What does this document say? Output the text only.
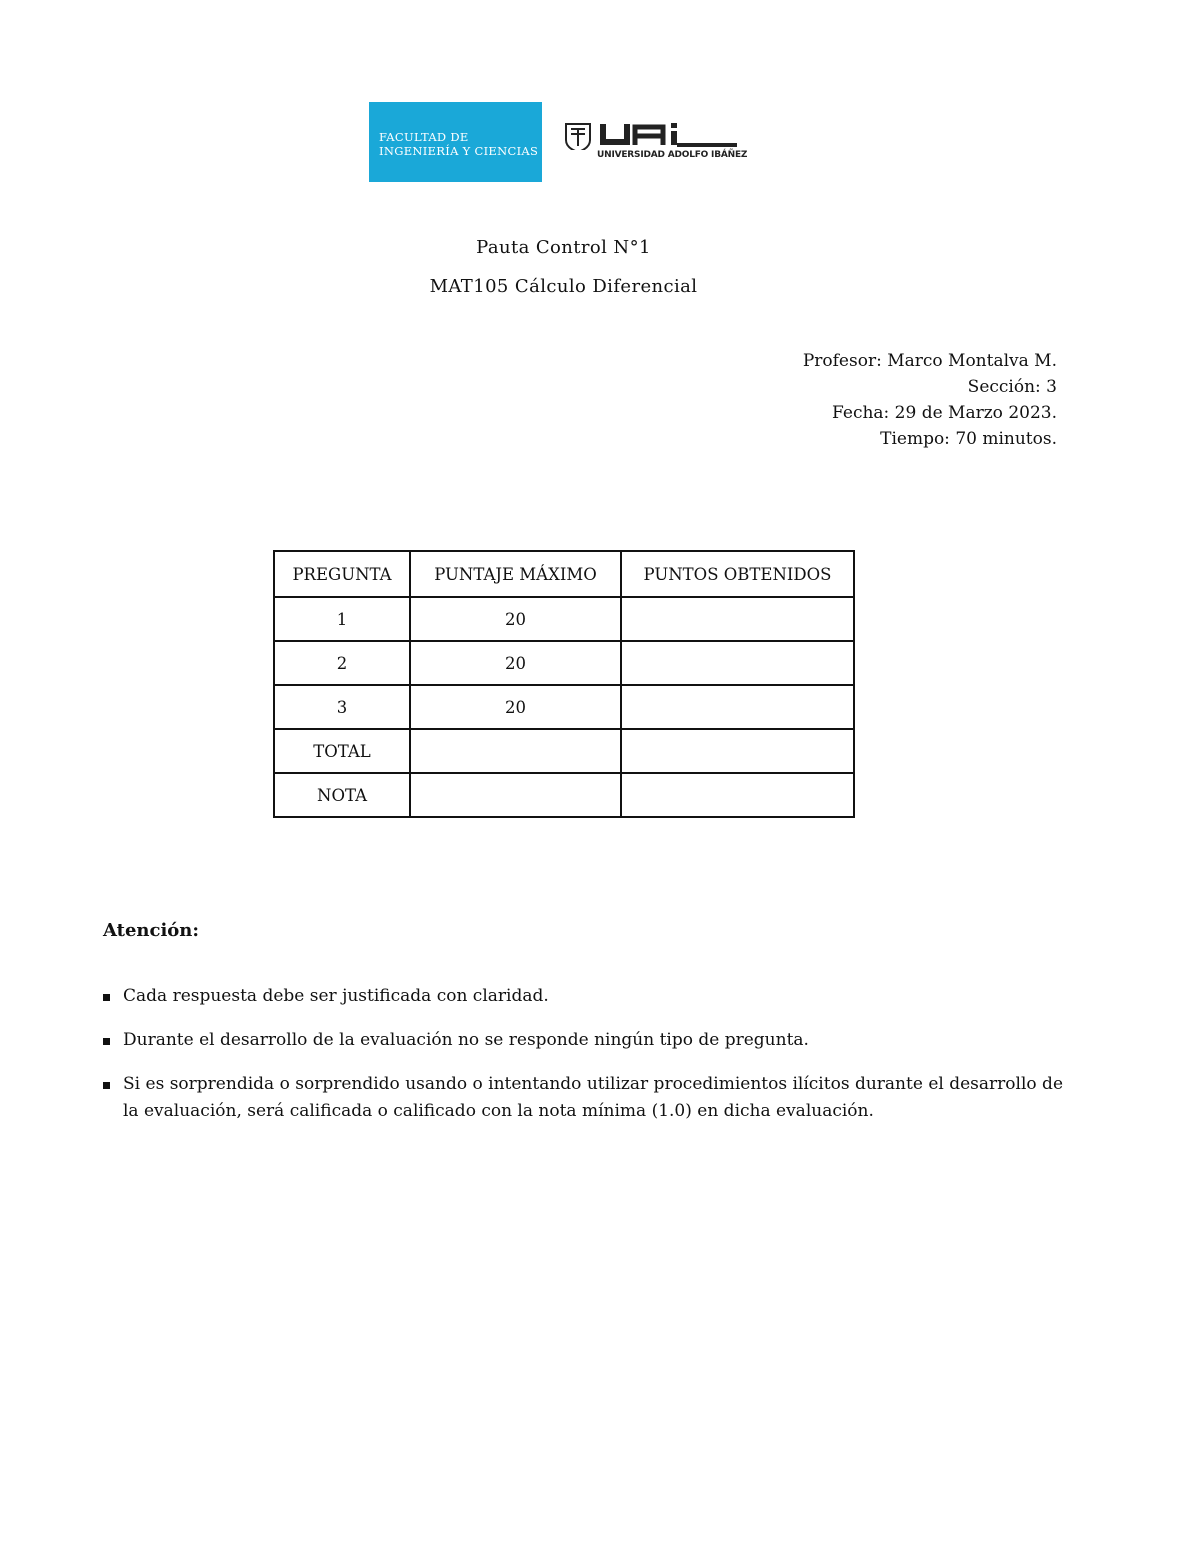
FACULTAD DE
INGENIERÍA Y CIENCIAS	UNIVERSIDAD ADOLFO IBÁÑEZ
Pauta Control N°1
MAT105 Cálculo Diferencial
Profesor: Marco Montalva M.
Sección: 3
Fecha: 29 de Marzo 2023.
Tiempo: 70 minutos.
PREGUNTA	PUNTAJE MÁXIMO	PUNTOS OBTENIDOS
1	20	
2	20	
3	20	
TOTAL		
NOTA		
Atención:
Cada respuesta debe ser justificada con claridad.
Durante el desarrollo de la evaluación no se responde ningún tipo de pregunta.
Si es sorprendida o sorprendido usando o intentando utilizar procedimientos ilícitos durante el desarrollo de la evaluación, será calificada o calificado con la nota mínima (1.0) en dicha evaluación.
